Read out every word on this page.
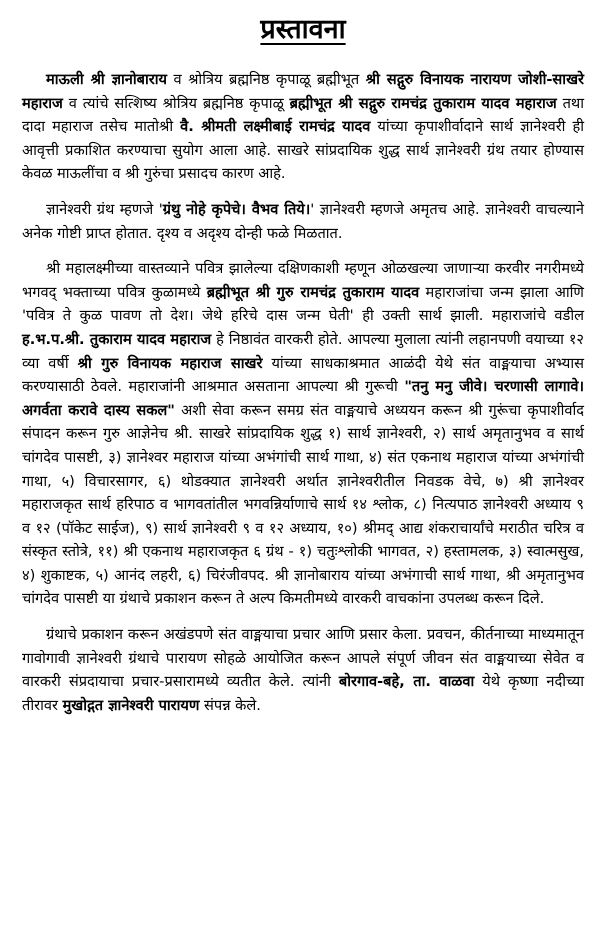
प्रस्तावना

माऊली श्री ज्ञानोबाराय व श्रोत्रिय ब्रह्मनिष्ठ कृपाळू ब्रह्मीभूत श्री सद्गुरु विनायक नारायण जोशी-साखरे महाराज व त्यांचे सत्शिष्य श्रोत्रिय ब्रह्मनिष्ठ कृपाळू ब्रह्मीभूत श्री सद्गुरु रामचंद्र तुकाराम यादव महाराज तथा दादा महाराज तसेच मातोश्री वै. श्रीमती लक्ष्मीबाई रामचंद्र यादव यांच्या कृपाशीर्वादाने सार्थ ज्ञानेश्वरी ही आवृत्ती प्रकाशित करण्याचा सुयोग आला आहे. साखरे सांप्रदायिक शुद्ध सार्थ ज्ञानेश्वरी ग्रंथ तयार होण्यास केवळ माऊलींचा व श्री गुरुंचा प्रसादच कारण आहे.

ज्ञानेश्वरी ग्रंथ म्हणजे 'ग्रंथु नोहे कृपेचे। वैभव तिये।' ज्ञानेश्वरी म्हणजे अमृतच आहे. ज्ञानेश्वरी वाचल्याने अनेक गोष्टी प्राप्त होतात. दृश्य व अदृश्य दोन्ही फळे मिळतात.

श्री महालक्ष्मीच्या वास्तव्याने पवित्र झालेल्या दक्षिणकाशी म्हणून ओळखल्या जाणाऱ्या करवीर नगरीमध्ये भगवद् भक्ताच्या पवित्र कुळामध्ये ब्रह्मीभूत श्री गुरु रामचंद्र तुकाराम यादव महाराजांचा जन्म झाला आणि 'पवित्र ते कुळ पावण तो देश। जेथे हरिचे दास जन्म घेती' ही उक्ती सार्थ झाली. महाराजांचे वडील ह.भ.प.श्री. तुकाराम यादव महाराज हे निष्ठावंत वारकरी होते. आपल्या मुलाला त्यांनी लहानपणी वयाच्या १२ व्या वर्षी श्री गुरु विनायक महाराज साखरे यांच्या साधकाश्रमात आळंदी येथे संत वाङ्मयाचा अभ्यास करण्यासाठी ठेवले. महाराजांनी आश्रमात असताना आपल्या श्री गुरूची "तनु मनु जीवे। चरणासी लागावे। अगर्वता करावे दास्य सकल" अशी सेवा करून समग्र संत वाङ्मयाचे अध्ययन करून श्री गुरूंचा कृपाशीर्वाद संपादन करून गुरु आज्ञेनेच श्री. साखरे सांप्रदायिक शुद्ध १) सार्थ ज्ञानेश्वरी, २) सार्थ अमृतानुभव व सार्थ चांगदेव पासष्टी, ३) ज्ञानेश्वर महाराज यांच्या अभंगांची सार्थ गाथा, ४) संत एकनाथ महाराज यांच्या अभंगांची गाथा, ५) विचारसागर, ६) थोडक्यात ज्ञानेश्वरी अर्थात ज्ञानेश्वरीतील निवडक वेचे, ७) श्री ज्ञानेश्वर महाराजकृत सार्थ हरिपाठ व भागवतांतील भगवन्निर्याणाचे सार्थ १४ श्लोक, ८) नित्यपाठ ज्ञानेश्वरी अध्याय ९ व १२ (पॉकेट साईज), ९) सार्थ ज्ञानेश्वरी ९ व १२ अध्याय, १०) श्रीमद् आद्य शंकराचार्यांचे मराठीत चरित्र व संस्कृत स्तोत्रे, ११) श्री एकनाथ महाराजकृत ६ ग्रंथ - १) चतुःश्लोकी भागवत, २) हस्तामलक, ३) स्वात्मसुख, ४) शुकाष्टक, ५) आनंद लहरी, ६) चिरंजीवपद. श्री ज्ञानोबाराय यांच्या अभंगाची सार्थ गाथा, श्री अमृतानुभव चांगदेव पासष्टी या ग्रंथाचे प्रकाशन करून ते अल्प किमतीमध्ये वारकरी वाचकांना उपलब्ध करून दिले.

ग्रंथाचे प्रकाशन करून अखंडपणे संत वाङ्मयाचा प्रचार आणि प्रसार केला. प्रवचन, कीर्तनाच्या माध्यमातून गावोगावी ज्ञानेश्वरी ग्रंथाचे पारायण सोहळे आयोजित करून आपले संपूर्ण जीवन संत वाङ्मयाच्या सेवेत व वारकरी संप्रदायाचा प्रचार-प्रसारामध्ये व्यतीत केले. त्यांनी बोरगाव-बहे, ता. वाळवा येथे कृष्णा नदीच्या तीरावर मुखोद्गत ज्ञानेश्वरी पारायण संपन्न केले.
